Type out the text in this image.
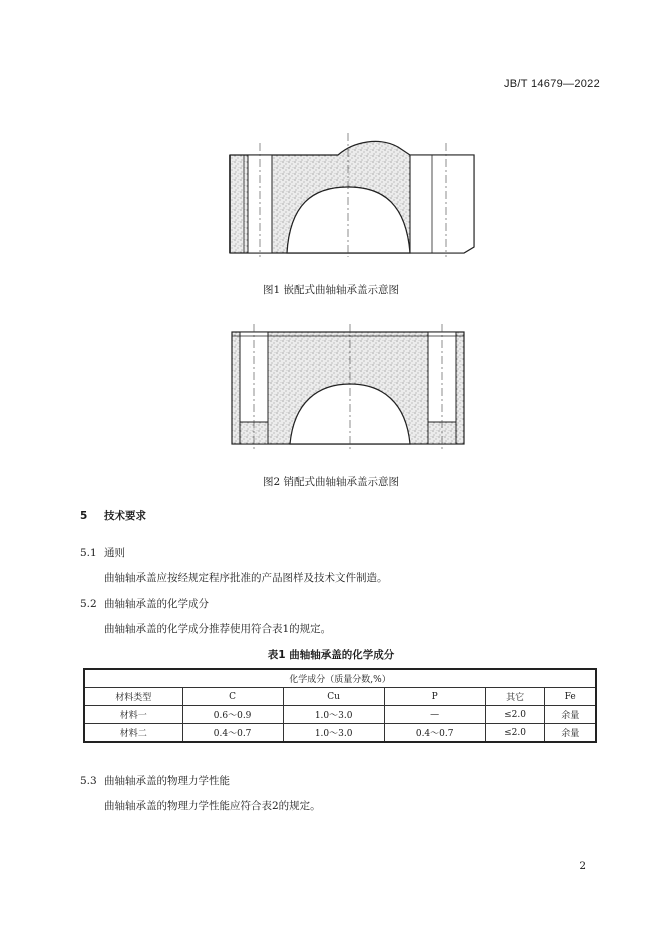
JB/T 14679—2022
图1 嵌配式曲轴轴承盖示意图
图2 销配式曲轴轴承盖示意图
5 技术要求
5.1 通则
曲轴轴承盖应按经规定程序批准的产品图样及技术文件制造。
5.2 曲轴轴承盖的化学成分
曲轴轴承盖的化学成分推荐使用符合表1的规定。
表1 曲轴轴承盖的化学成分
化学成分（质量分数,%）					
材料类型	C	Cu	P	其它	Fe
材料一	0.6～0.9	1.0～3.0	—	≤2.0	余量
材料二	0.4～0.7	1.0～3.0	0.4～0.7	≤2.0	余量
5.3 曲轴轴承盖的物理力学性能
曲轴轴承盖的物理力学性能应符合表2的规定。
2
